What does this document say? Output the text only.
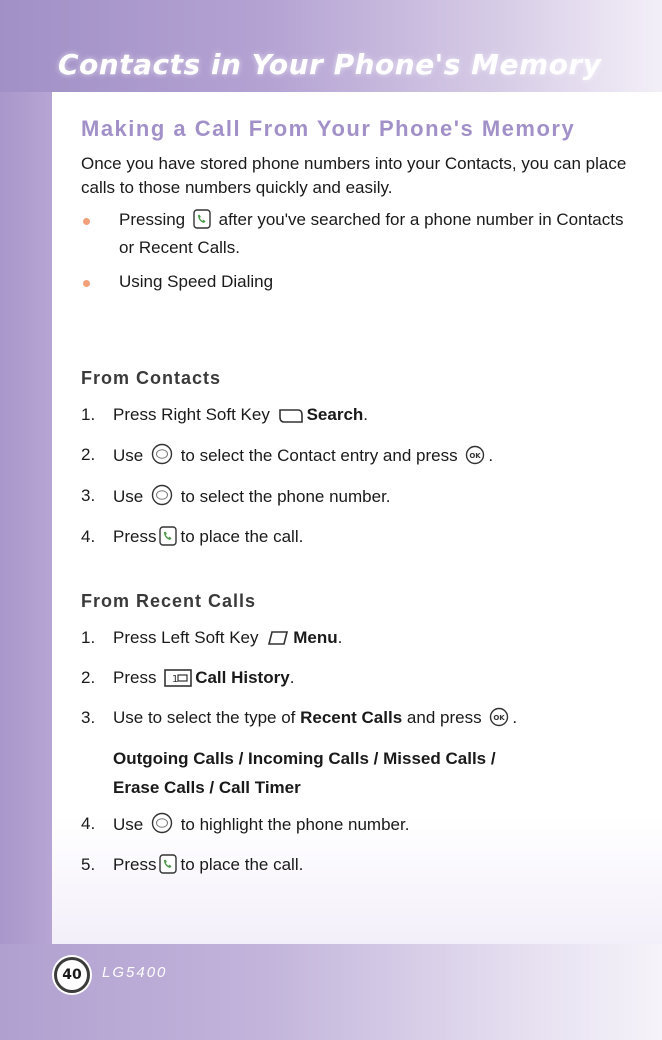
Contacts in Your Phone's Memory
Making a Call From Your Phone's Memory

Once you have stored phone numbers into your Contacts, you can place calls to those numbers quickly and easily.

Pressing after you've searched for a phone number in Contacts or Recent Calls.
Using Speed Dialing
From Contacts
1. Press Right Soft Key Search.
2. Use to select the Contact entry and press OK .
3. Use to select the phone number.
4. Press to place the call.
From Recent Calls
1. Press Left Soft Key Menu.
2. Press 1 Call History.
3. Use to select the type of Recent Calls and press OK .
Outgoing Calls / Incoming Calls / Missed Calls /
Erase Calls / Call Timer
4. Use to highlight the phone number.
5. Press to place the call.
40	LG5400
